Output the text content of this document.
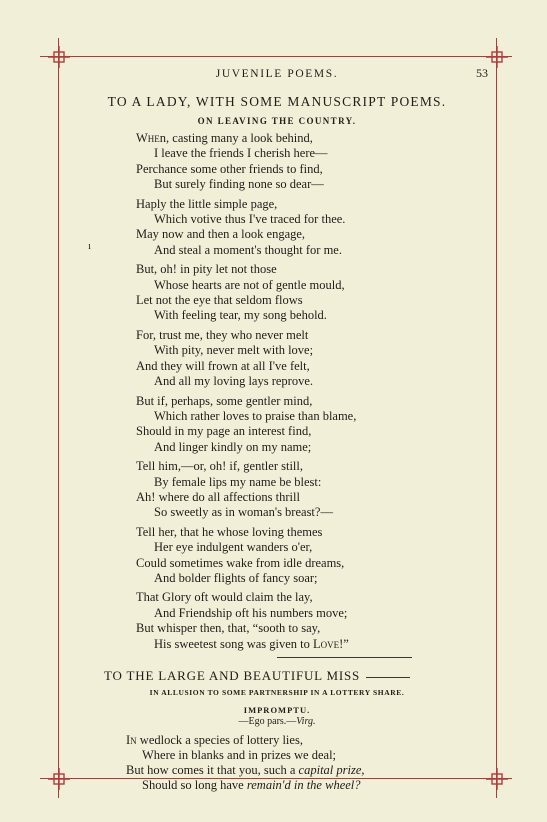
ı
JUVENILE POEMS.	53
TO A LADY, WITH SOME MANUSCRIPT POEMS.
ON LEAVING THE COUNTRY.
When, casting many a look behind,
I leave the friends I cherish here—
Perchance some other friends to find,
But surely finding none so dear—
Haply the little simple page,
Which votive thus I've traced for thee.
May now and then a look engage,
And steal a moment's thought for me.
But, oh! in pity let not those
Whose hearts are not of gentle mould,
Let not the eye that seldom flows
With feeling tear, my song behold.
For, trust me, they who never melt
With pity, never melt with love;
And they will frown at all I've felt,
And all my loving lays reprove.
But if, perhaps, some gentler mind,
Which rather loves to praise than blame,
Should in my page an interest find,
And linger kindly on my name;
Tell him,—or, oh! if, gentler still,
By female lips my name be blest:
Ah! where do all affections thrill
So sweetly as in woman's breast?—
Tell her, that he whose loving themes
Her eye indulgent wanders o'er,
Could sometimes wake from idle dreams,
And bolder flights of fancy soar;
That Glory oft would claim the lay,
And Friendship oft his numbers move;
But whisper then, that, “sooth to say,
His sweetest song was given to Love!”
TO THE LARGE AND BEAUTIFUL MISS
IN ALLUSION TO SOME PARTNERSHIP IN A LOTTERY SHARE.
IMPROMPTU.
—Ego pars.—Virg.
In wedlock a species of lottery lies,
Where in blanks and in prizes we deal;
But how comes it that you, such a capital prize,
Should so long have remain'd in the wheel?
